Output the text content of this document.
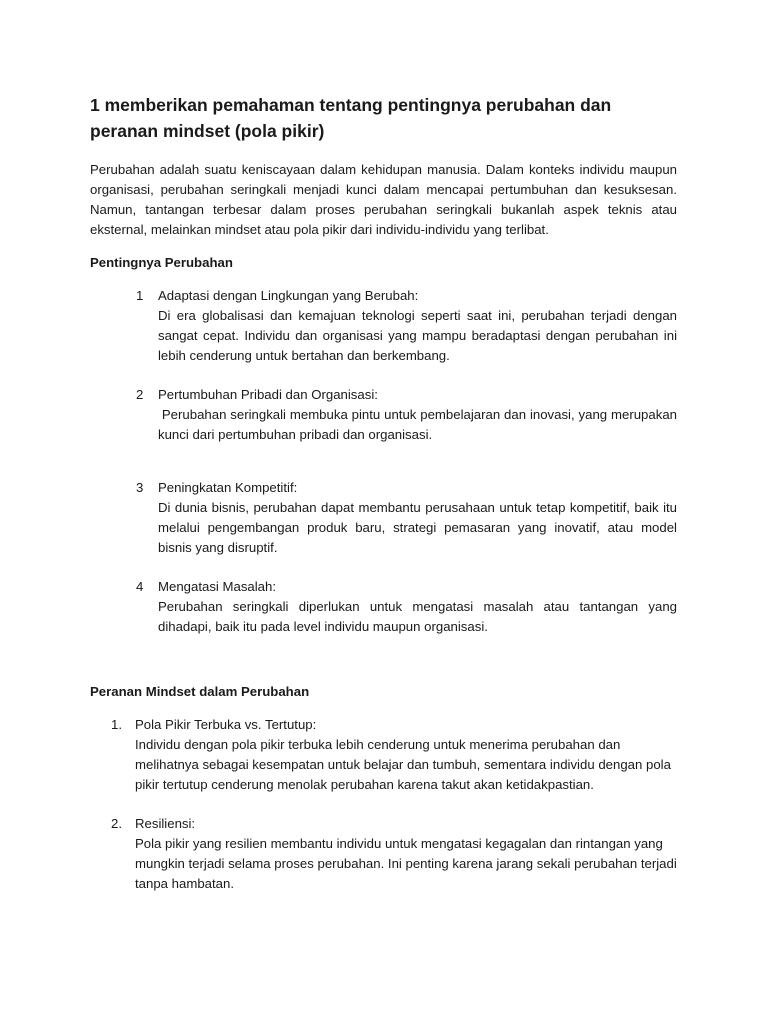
1 memberikan pemahaman tentang pentingnya perubahan dan peranan mindset (pola pikir)

Perubahan adalah suatu keniscayaan dalam kehidupan manusia. Dalam konteks individu maupun organisasi, perubahan seringkali menjadi kunci dalam mencapai pertumbuhan dan kesuksesan. Namun, tantangan terbesar dalam proses perubahan seringkali bukanlah aspek teknis atau eksternal, melainkan mindset atau pola pikir dari individu-individu yang terlibat.

Pentingnya Perubahan

1 Adaptasi dengan Lingkungan yang Berubah:
Di era globalisasi dan kemajuan teknologi seperti saat ini, perubahan terjadi dengan sangat cepat. Individu dan organisasi yang mampu beradaptasi dengan perubahan ini lebih cenderung untuk bertahan dan berkembang.
2 Pertumbuhan Pribadi dan Organisasi:
Perubahan seringkali membuka pintu untuk pembelajaran dan inovasi, yang merupakan kunci dari pertumbuhan pribadi dan organisasi.
3 Peningkatan Kompetitif:
Di dunia bisnis, perubahan dapat membantu perusahaan untuk tetap kompetitif, baik itu melalui pengembangan produk baru, strategi pemasaran yang inovatif, atau model bisnis yang disruptif.
4 Mengatasi Masalah:
Perubahan seringkali diperlukan untuk mengatasi masalah atau tantangan yang dihadapi, baik itu pada level individu maupun organisasi.

Peranan Mindset dalam Perubahan

1. Pola Pikir Terbuka vs. Tertutup:
Individu dengan pola pikir terbuka lebih cenderung untuk menerima perubahan dan melihatnya sebagai kesempatan untuk belajar dan tumbuh, sementara individu dengan pola pikir tertutup cenderung menolak perubahan karena takut akan ketidakpastian.
2. Resiliensi:
Pola pikir yang resilien membantu individu untuk mengatasi kegagalan dan rintangan yang mungkin terjadi selama proses perubahan. Ini penting karena jarang sekali perubahan terjadi tanpa hambatan.
